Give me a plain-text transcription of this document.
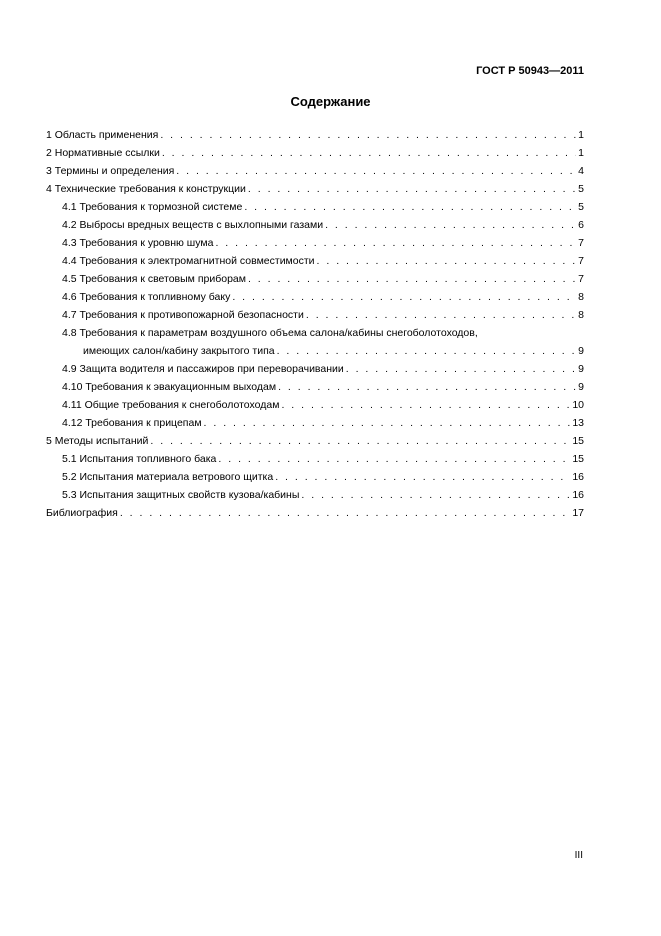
ГОСТ Р 50943—2011
Содержание
1 Область применения . . .	1
2 Нормативные ссылки . . .	1
3 Термины и определения . . .	4
4 Технические требования к конструкции . . .	5
4.1 Требования к тормозной системе . . .	5
4.2 Выбросы вредных веществ с выхлопными газами . . .	6
4.3 Требования к уровню шума . . .	7
4.4 Требования к электромагнитной совместимости . . .	7
4.5 Требования к световым приборам . . .	7
4.6 Требования к топливному баку . . .	8
4.7 Требования к противопожарной безопасности . . .	8
4.8 Требования к параметрам воздушного объема салона/кабины снегоболотоходов,
имеющих салон/кабину закрытого типа . . .	9
4.9 Защита водителя и пассажиров при переворачивании . . .	9
4.10 Требования к эвакуационным выходам . . .	9
4.11 Общие требования к снегоболотоходам . . .	10
4.12 Требования к прицепам . . .	13
5 Методы испытаний . . .	15
5.1 Испытания топливного бака . . .	15
5.2 Испытания материала ветрового щитка . . .	16
5.3 Испытания защитных свойств кузова/кабины . . .	16
Библиография . . .	17
III
